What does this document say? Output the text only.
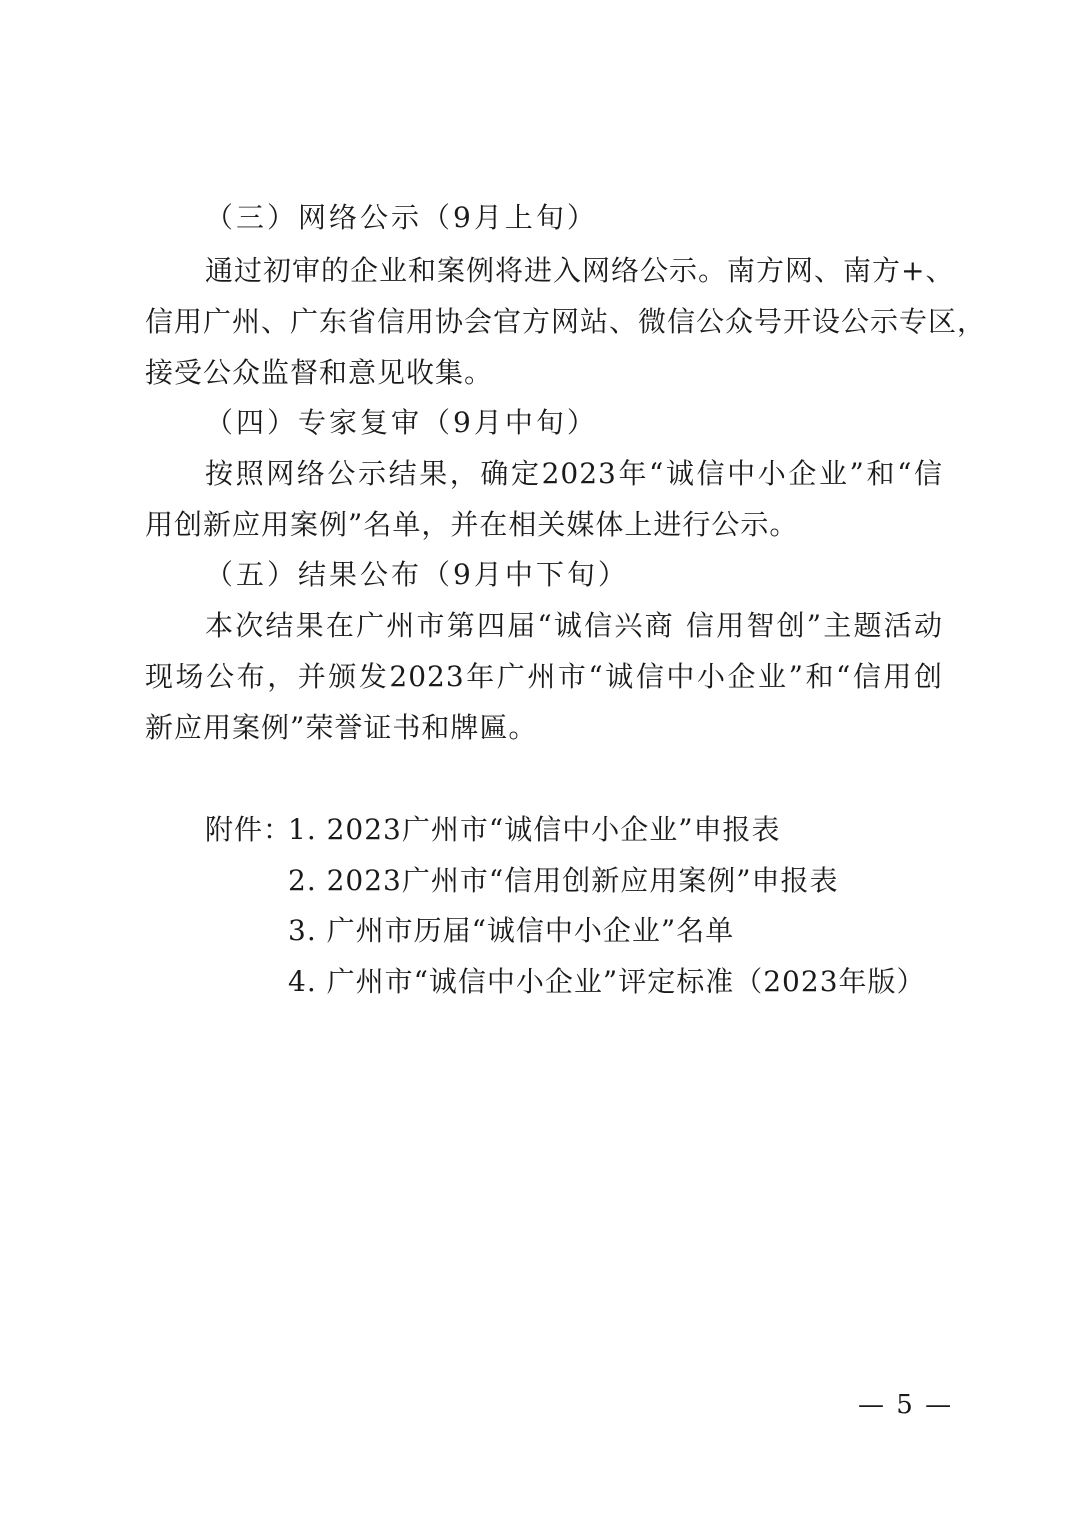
（三）网络公示（9月上旬）
通过初审的企业和案例将进入网络公示。南方网、南方+、
信用广州、广东省信用协会官方网站、微信公众号开设公示专区，
接受公众监督和意见收集。
（四）专家复审（9月中旬）
按照网络公示结果，确定2023年“诚信中小企业”和“信
用创新应用案例”名单，并在相关媒体上进行公示。
（五）结果公布（9月中下旬）
本次结果在广州市第四届“诚信兴商 信用智创”主题活动
现场公布，并颁发2023年广州市“诚信中小企业”和“信用创
新应用案例”荣誉证书和牌匾。
附件：
1. 2023广州市“诚信中小企业”申报表
2. 2023广州市“信用创新应用案例”申报表
3. 广州市历届“诚信中小企业”名单
4. 广州市“诚信中小企业”评定标准（2023年版）
— 5 —
